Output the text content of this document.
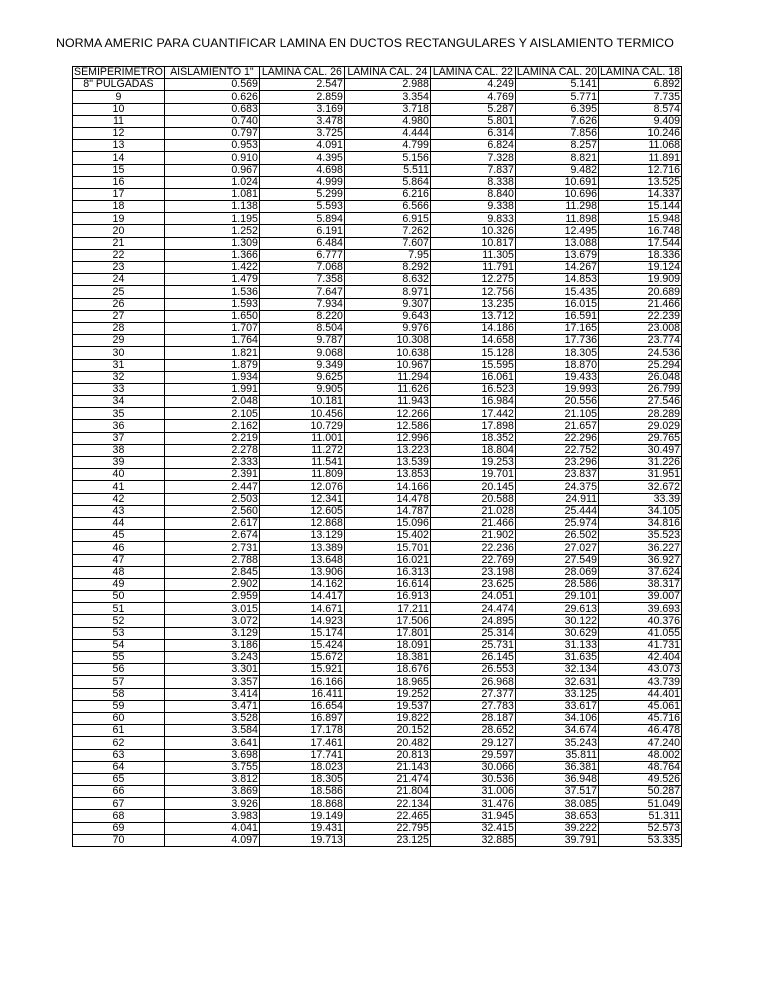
NORMA AMERIC PARA CUANTIFICAR LAMINA EN DUCTOS RECTANGULARES Y AISLAMIENTO TERMICO
SEMIPERIMETRO	AISLAMIENTO 1"	LAMINA CAL. 26	LAMINA CAL. 24	LAMINA CAL. 22	LAMINA CAL. 20	LAMINA CAL. 18
8" PULGADAS	0.569	2.547	2.988	4.249	5.141	6.892
9	0.626	2.859	3.354	4.769	5.771	7.735
10	0.683	3.169	3.718	5.287	6.395	8.574
11	0.740	3.478	4.980	5.801	7.626	9.409
12	0.797	3.725	4.444	6.314	7.856	10.246
13	0.953	4.091	4.799	6.824	8.257	11.068
14	0.910	4.395	5.156	7.328	8.821	11.891
15	0.967	4.698	5.511	7.837	9.482	12.716
16	1.024	4.999	5.864	8.338	10.691	13.525
17	1.081	5.299	6.216	8.840	10.696	14.337
18	1.138	5.593	6.566	9.338	11.298	15.144
19	1.195	5.894	6.915	9.833	11.898	15.948
20	1.252	6.191	7.262	10.326	12.495	16.748
21	1.309	6.484	7.607	10.817	13.088	17.544
22	1.366	6.777	7.95	11.305	13.679	18.336
23	1.422	7.068	8.292	11.791	14.267	19.124
24	1.479	7.358	8.632	12.275	14.853	19.909
25	1.536	7.647	8.971	12.756	15.435	20.689
26	1.593	7.934	9.307	13.235	16.015	21.466
27	1.650	8.220	9.643	13.712	16.591	22.239
28	1.707	8.504	9.976	14.186	17.165	23.008
29	1.764	9.787	10.308	14.658	17.736	23.774
30	1.821	9.068	10.638	15.128	18.305	24.536
31	1.879	9.349	10.967	15.595	18.870	25.294
32	1.934	9.625	11.294	16.061	19.433	26.048
33	1.991	9.905	11.626	16.523	19.993	26.799
34	2.048	10.181	11.943	16.984	20.556	27.546
35	2.105	10.456	12.266	17.442	21.105	28.289
36	2.162	10.729	12.586	17.898	21.657	29.029
37	2.219	11.001	12.996	18.352	22.296	29.765
38	2.278	11.272	13.223	18.804	22.752	30.497
39	2.333	11.541	13.539	19.253	23.296	31.226
40	2.391	11.809	13.853	19.701	23.837	31.951
41	2.447	12.076	14.166	20.145	24.375	32.672
42	2.503	12.341	14.478	20.588	24.911	33.39
43	2.560	12.605	14.787	21.028	25.444	34.105
44	2.617	12.868	15.096	21.466	25.974	34.816
45	2.674	13.129	15.402	21.902	26.502	35.523
46	2.731	13.389	15.701	22.236	27.027	36.227
47	2.788	13.648	16.021	22.769	27.549	36.927
48	2.845	13.906	16.313	23.198	28.069	37.624
49	2.902	14.162	16.614	23.625	28.586	38.317
50	2.959	14.417	16.913	24.051	29.101	39.007
51	3.015	14.671	17.211	24.474	29.613	39.693
52	3.072	14.923	17.506	24.895	30.122	40.376
53	3.129	15.174	17.801	25.314	30.629	41.055
54	3.186	15.424	18.091	25.731	31.133	41.731
55	3.243	15.672	18.381	26.145	31.635	42.404
56	3.301	15.921	18.676	26.553	32.134	43.073
57	3.357	16.166	18.965	26.968	32.631	43.739
58	3.414	16.411	19.252	27.377	33.125	44.401
59	3.471	16.654	19.537	27.783	33.617	45.061
60	3.528	16.897	19.822	28.187	34.106	45.716
61	3.584	17.178	20.152	28.652	34.674	46.478
62	3.641	17.461	20.482	29.127	35.243	47.240
63	3.698	17.741	20.813	29.597	35.811	48.002
64	3.755	18.023	21.143	30.066	36.381	48.764
65	3.812	18.305	21.474	30.536	36.948	49.526
66	3.869	18.586	21.804	31.006	37.517	50.287
67	3.926	18.868	22.134	31.476	38.085	51.049
68	3.983	19.149	22.465	31.945	38.653	51.311
69	4.041	19.431	22.795	32.415	39.222	52.573
70	4.097	19.713	23.125	32.885	39.791	53.335
